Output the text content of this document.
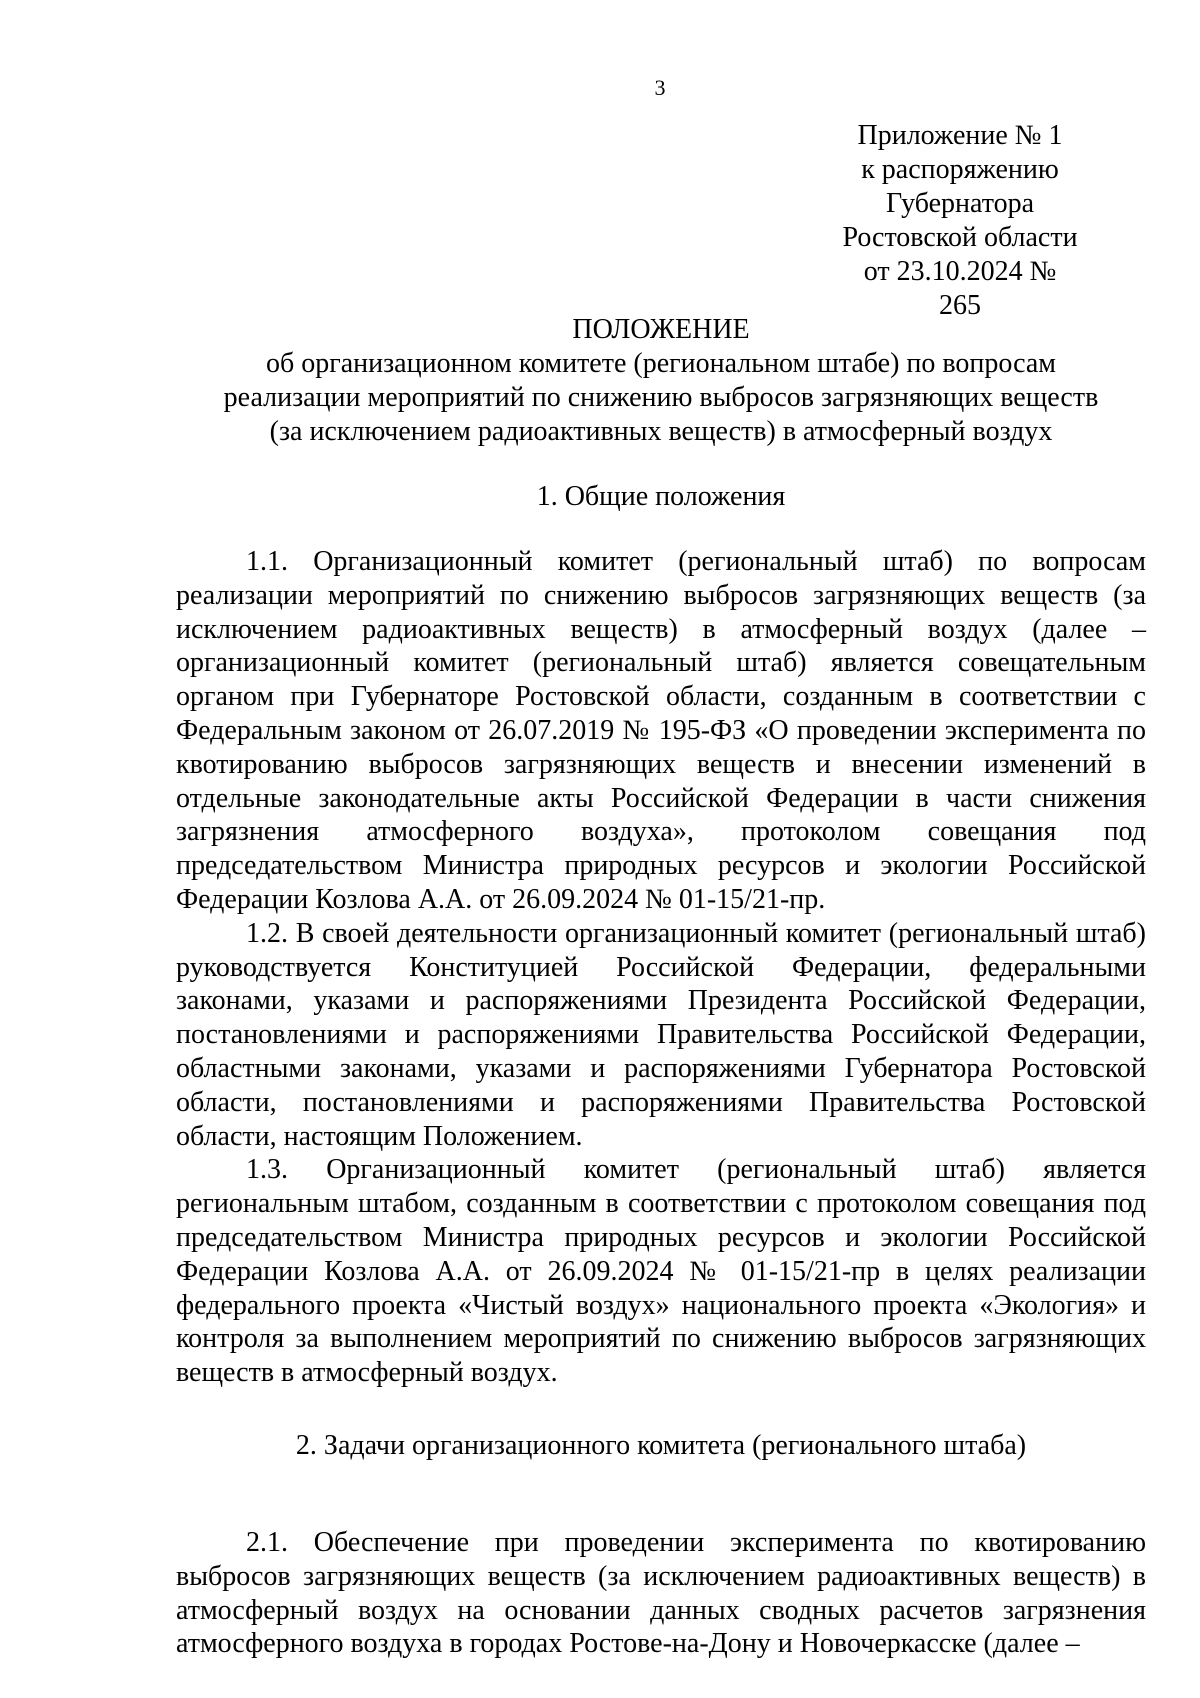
3
Приложение № 1
к распоряжению
Губернатора
Ростовской области
от 23.10.2024 № 265
ПОЛОЖЕНИЕ
об организационном комитете (региональном штабе) по вопросам
реализации мероприятий по снижению выбросов загрязняющих веществ
(за исключением радиоактивных веществ) в атмосферный воздух
1. Общие положения

1.1. Организационный комитет (региональный штаб) по вопросам реализации мероприятий по снижению выбросов загрязняющих веществ (за исключением радиоактивных веществ) в атмосферный воздух (далее – организационный комитет (региональный штаб) является совещательным органом при Губернаторе Ростовской области, созданным в соответствии с Федеральным законом от 26.07.2019 № 195-ФЗ «О проведении эксперимента по квотированию выбросов загрязняющих веществ и внесении изменений в отдельные законодательные акты Российской Федерации в части снижения загрязнения атмосферного воздуха», протоколом совещания под председательством Министра природных ресурсов и экологии Российской Федерации Козлова А.А. от 26.09.2024 № 01-15/21-пр.

1.2. В своей деятельности организационный комитет (региональный штаб) руководствуется Конституцией Российской Федерации, федеральными законами, указами и распоряжениями Президента Российской Федерации, постановлениями и распоряжениями Правительства Российской Федерации, областными законами, указами и распоряжениями Губернатора Ростовской области, постановлениями и распоряжениями Правительства Ростовской области, настоящим Положением.

1.3. Организационный комитет (региональный штаб) является региональным штабом, созданным в соответствии с протоколом совещания под председательством Министра природных ресурсов и экологии Российской Федерации Козлова А.А. от 26.09.2024 № 01-15/21-пр в целях реализации федерального проекта «Чистый воздух» национального проекта «Экология» и контроля за выполнением мероприятий по снижению выбросов загрязняющих веществ в атмосферный воздух.

2. Задачи организационного комитета (регионального штаба)

2.1. Обеспечение при проведении эксперимента по квотированию выбросов загрязняющих веществ (за исключением радиоактивных веществ) в атмосферный воздух на основании данных сводных расчетов загрязнения атмосферного воздуха в городах Ростове-на-Дону и Новочеркасске (далее –
